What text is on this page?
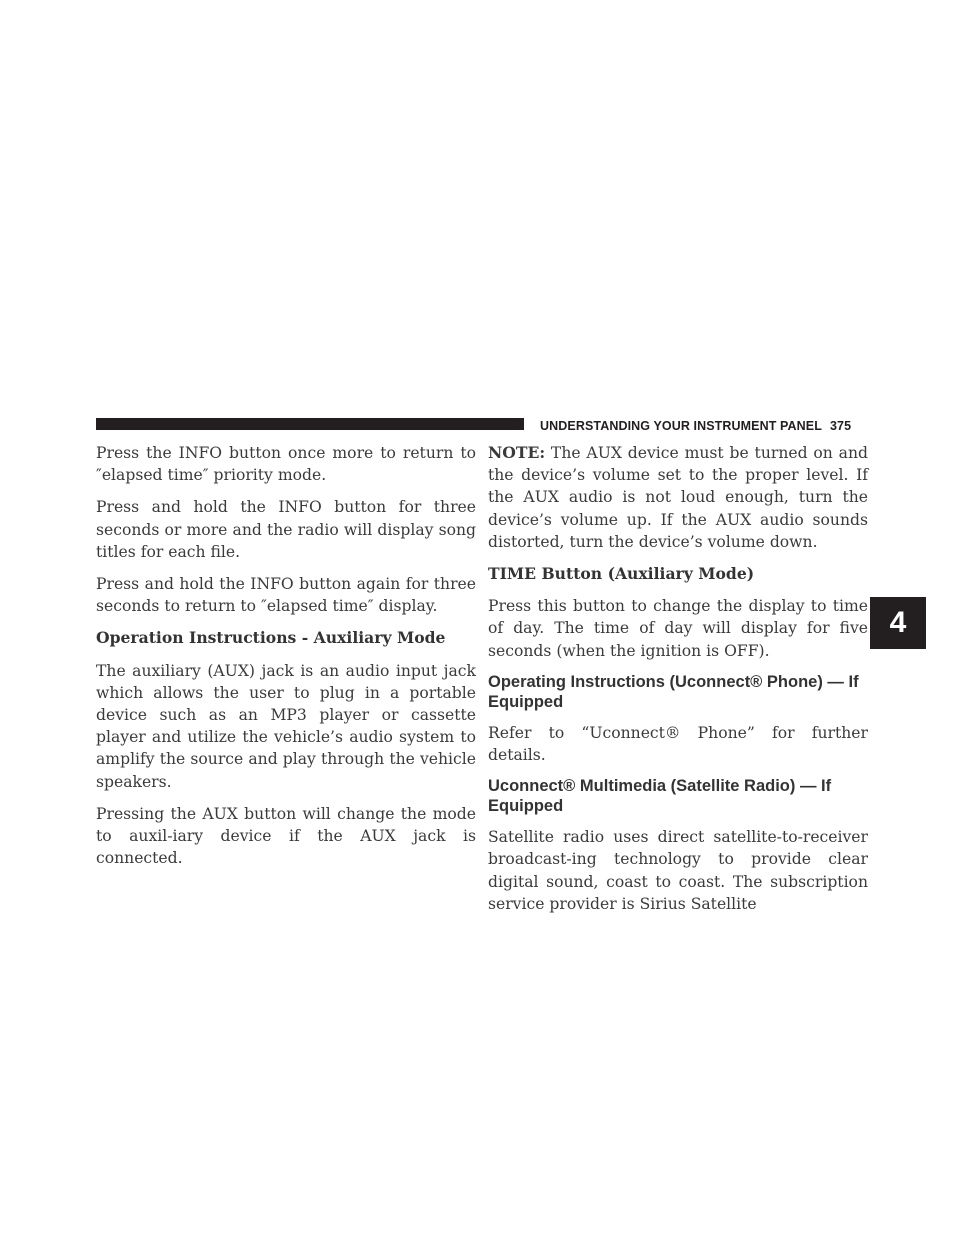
UNDERSTANDING YOUR INSTRUMENT PANEL 375

Press the INFO button once more to return to ″elapsed time″ priority mode.

Press and hold the INFO button for three seconds or more and the radio will display song titles for each file.

Press and hold the INFO button again for three seconds to return to ″elapsed time″ display.

Operation Instructions - Auxiliary Mode

The auxiliary (AUX) jack is an audio input jack which allows the user to plug in a portable device such as an MP3 player or cassette player and utilize the vehicle’s audio system to amplify the source and play through the vehicle speakers.

Pressing the AUX button will change the mode to auxil-iary device if the AUX jack is connected.

NOTE: The AUX device must be turned on and the device’s volume set to the proper level. If the AUX audio is not loud enough, turn the device’s volume up. If the AUX audio sounds distorted, turn the device’s volume down.

TIME Button (Auxiliary Mode)

Press this button to change the display to time of day. The time of day will display for five seconds (when the ignition is OFF).

Operating Instructions (Uconnect® Phone) — If Equipped

Refer to “Uconnect® Phone” for further details.

Uconnect® Multimedia (Satellite Radio) — If Equipped

Satellite radio uses direct satellite-to-receiver broadcast-ing technology to provide clear digital sound, coast to coast. The subscription service provider is Sirius Satellite

4
